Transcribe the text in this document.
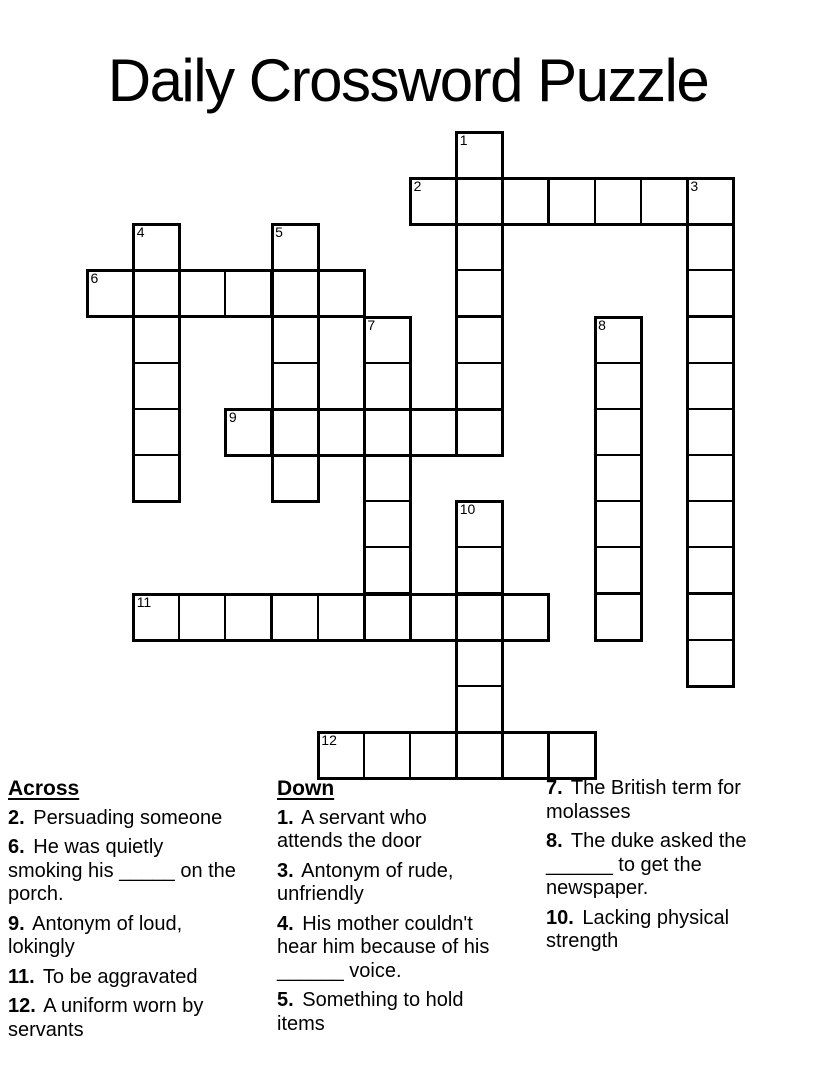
Daily Crossword Puzzle
1
2	3
4	5
6
7	8
9
10
11
12
Across

2. Persuading someone

6. He was quietly
smoking his _____ on the
porch.

9. Antonym of loud,
lokingly

11. To be aggravated

12. A uniform worn by
servants

Down

1. A servant who
attends the door

3. Antonym of rude,
unfriendly

4. His mother couldn't
hear him because of his
______ voice.

5. Something to hold
items

7. The British term for
molasses

8. The duke asked the
______ to get the
newspaper.

10. Lacking physical
strength
